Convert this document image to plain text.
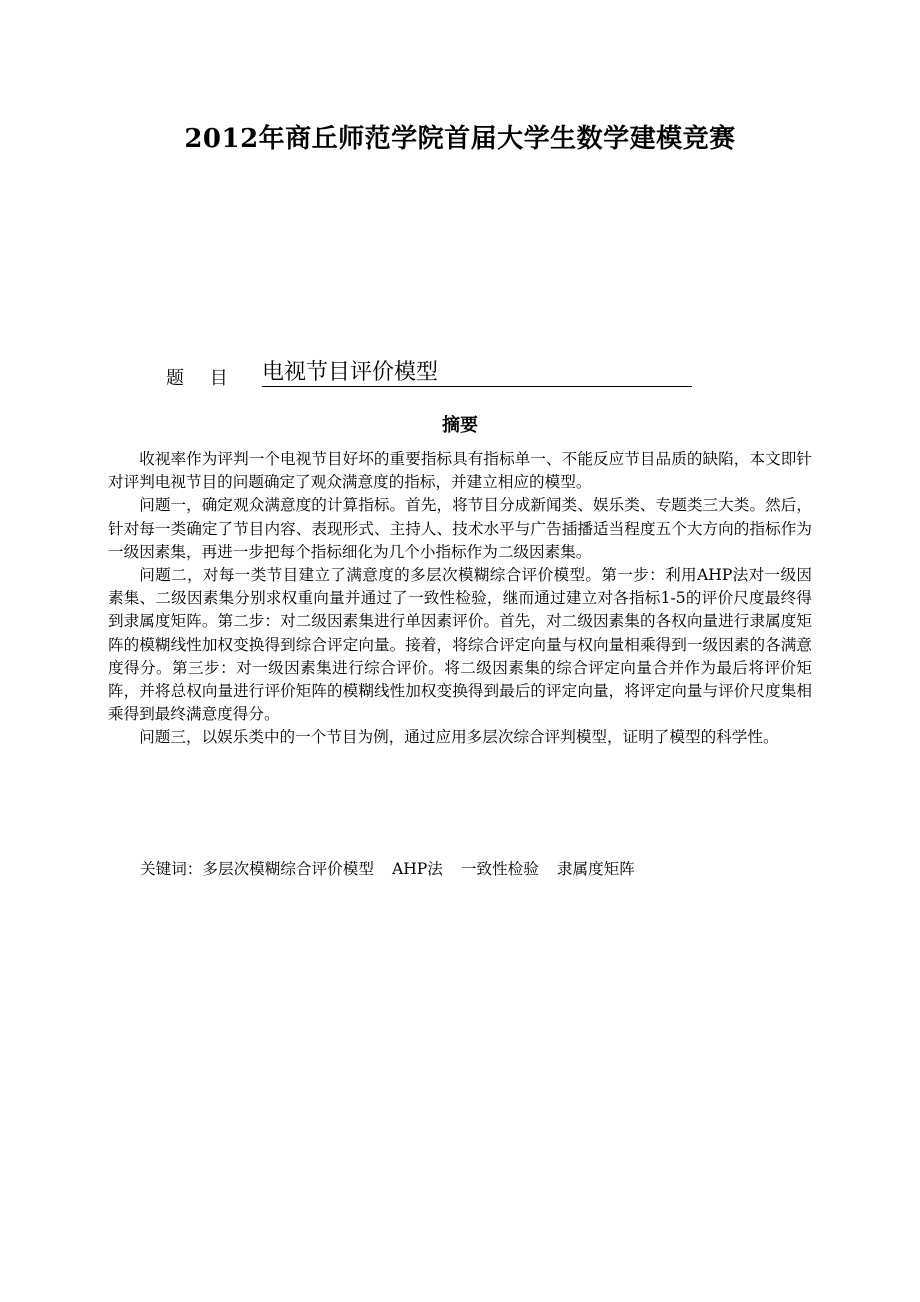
2012年商丘师范学院首届大学生数学建模竞赛
题 目 电视节目评价模型
摘要

收视率作为评判一个电视节目好坏的重要指标具有指标单一、不能反应节目品质的缺陷，本文即针对评判电视节目的问题确定了观众满意度的指标，并建立相应的模型。

问题一，确定观众满意度的计算指标。首先，将节目分成新闻类、娱乐类、专题类三大类。然后，针对每一类确定了节目内容、表现形式、主持人、技术水平与广告插播适当程度五个大方向的指标作为一级因素集，再进一步把每个指标细化为几个小指标作为二级因素集。

问题二，对每一类节目建立了满意度的多层次模糊综合评价模型。第一步：利用AHP法对一级因素集、二级因素集分别求权重向量并通过了一致性检验，继而通过建立对各指标1-5的评价尺度最终得到隶属度矩阵。第二步：对二级因素集进行单因素评价。首先，对二级因素集的各权向量进行隶属度矩阵的模糊线性加权变换得到综合评定向量。接着，将综合评定向量与权向量相乘得到一级因素的各满意度得分。第三步：对一级因素集进行综合评价。将二级因素集的综合评定向量合并作为最后将评价矩阵，并将总权向量进行评价矩阵的模糊线性加权变换得到最后的评定向量，将评定向量与评价尺度集相乘得到最终满意度得分。

问题三，以娱乐类中的一个节目为例，通过应用多层次综合评判模型，证明了模型的科学性。

关键词：多层次模糊综合评价模型 AHP法 一致性检验 隶属度矩阵
